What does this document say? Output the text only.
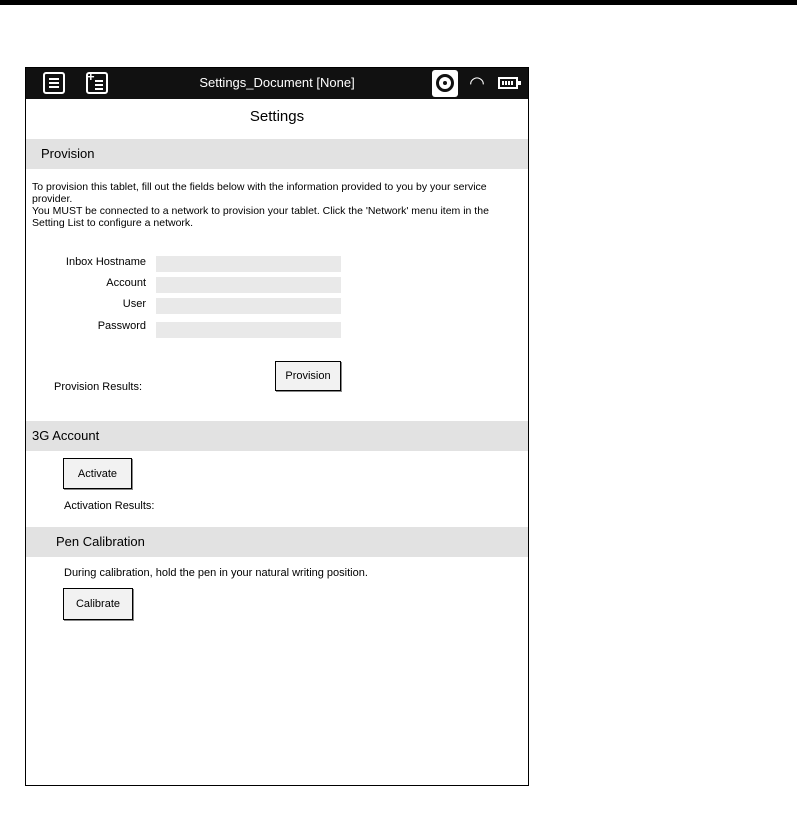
+
Settings_Document [None]	◠
Settings
Provision

To provision this tablet, fill out the fields below with the information provided to you by your service provider.

You MUST be connected to a network to provision your tablet. Click the 'Network' menu item in the Setting List to configure a network.

Inbox Hostname
Account
User
Password
Provision
Provision Results:
3G Account
Activate
Activation Results:
Pen Calibration
During calibration, hold the pen in your natural writing position.
Calibrate
